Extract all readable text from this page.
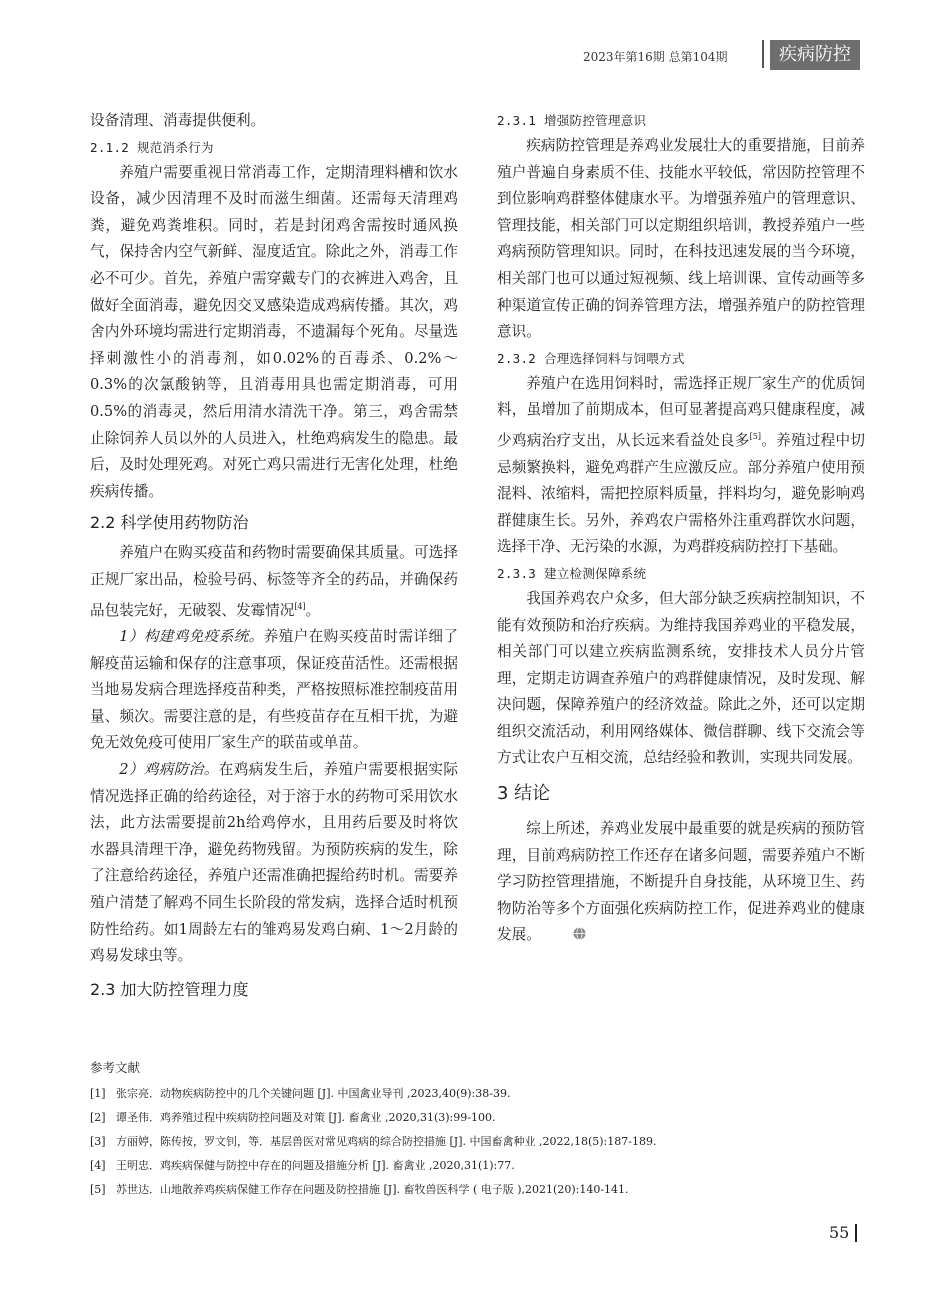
2023年第16期 总第104期	疾病防控

设备清理、消毒提供便利。

2.1.2 规范消杀行为

养殖户需要重视日常消毒工作，定期清理料槽和饮水设备，减少因清理不及时而滋生细菌。还需每天清理鸡粪，避免鸡粪堆积。同时，若是封闭鸡舍需按时通风换气，保持舍内空气新鲜、湿度适宜。除此之外，消毒工作必不可少。首先，养殖户需穿戴专门的衣裤进入鸡舍，且做好全面消毒，避免因交叉感染造成鸡病传播。其次，鸡舍内外环境均需进行定期消毒，不遗漏每个死角。尽量选择刺激性小的消毒剂，如0.02%的百毒杀、0.2%～0.3%的次氯酸钠等，且消毒用具也需定期消毒，可用0.5%的消毒灵，然后用清水清洗干净。第三，鸡舍需禁止除饲养人员以外的人员进入，杜绝鸡病发生的隐患。最后，及时处理死鸡。对死亡鸡只需进行无害化处理，杜绝疾病传播。

2.2 科学使用药物防治

养殖户在购买疫苗和药物时需要确保其质量。可选择正规厂家出品，检验号码、标签等齐全的药品，并确保药品包装完好，无破裂、发霉情况[4]。

1）构建鸡免疫系统。养殖户在购买疫苗时需详细了解疫苗运输和保存的注意事项，保证疫苗活性。还需根据当地易发病合理选择疫苗种类，严格按照标准控制疫苗用量、频次。需要注意的是，有些疫苗存在互相干扰，为避免无效免疫可使用厂家生产的联苗或单苗。

2）鸡病防治。在鸡病发生后，养殖户需要根据实际情况选择正确的给药途径，对于溶于水的药物可采用饮水法，此方法需要提前2h给鸡停水，且用药后要及时将饮水器具清理干净，避免药物残留。为预防疾病的发生，除了注意给药途径，养殖户还需准确把握给药时机。需要养殖户清楚了解鸡不同生长阶段的常发病，选择合适时机预防性给药。如1周龄左右的雏鸡易发鸡白痢、1～2月龄的鸡易发球虫等。

2.3 加大防控管理力度

2.3.1 增强防控管理意识

疾病防控管理是养鸡业发展壮大的重要措施，目前养殖户普遍自身素质不佳、技能水平较低，常因防控管理不到位影响鸡群整体健康水平。为增强养殖户的管理意识、管理技能，相关部门可以定期组织培训，教授养殖户一些鸡病预防管理知识。同时，在科技迅速发展的当今环境，相关部门也可以通过短视频、线上培训课、宣传动画等多种渠道宣传正确的饲养管理方法，增强养殖户的防控管理意识。

2.3.2 合理选择饲料与饲喂方式

养殖户在选用饲料时，需选择正规厂家生产的优质饲料，虽增加了前期成本，但可显著提高鸡只健康程度，减少鸡病治疗支出，从长远来看益处良多[5]。养殖过程中切忌频繁换料，避免鸡群产生应激反应。部分养殖户使用预混料、浓缩料，需把控原料质量，拌料均匀，避免影响鸡群健康生长。另外，养鸡农户需格外注重鸡群饮水问题，选择干净、无污染的水源，为鸡群疫病防控打下基础。

2.3.3 建立检测保障系统

我国养鸡农户众多，但大部分缺乏疾病控制知识，不能有效预防和治疗疾病。为维持我国养鸡业的平稳发展，相关部门可以建立疾病监测系统，安排技术人员分片管理，定期走访调查养殖户的鸡群健康情况，及时发现、解决问题，保障养殖户的经济效益。除此之外，还可以定期组织交流活动，利用网络媒体、微信群聊、线下交流会等方式让农户互相交流，总结经验和教训，实现共同发展。

3 结论

综上所述，养鸡业发展中最重要的就是疾病的预防管理，目前鸡病防控工作还存在诸多问题，需要养殖户不断学习防控管理措施，不断提升自身技能，从环境卫生、药物防治等多个方面强化疾病防控工作，促进养鸡业的健康发展。

参考文献

[1] 张宗亮．动物疾病防控中的几个关键问题 [J]. 中国禽业导刊 ,2023,40(9):38-39.
[2] 谭圣伟．鸡养殖过程中疾病防控问题及对策 [J]. 畜禽业 ,2020,31(3):99-100.
[3] 方丽婷，陈传按，罗文钊，等．基层兽医对常见鸡病的综合防控措施 [J]. 中国畜禽种业 ,2022,18(5):187-189.
[4] 王明忠．鸡疾病保健与防控中存在的问题及措施分析 [J]. 畜禽业 ,2020,31(1):77.
[5] 苏世达．山地散养鸡疾病保健工作存在问题及防控措施 [J]. 畜牧兽医科学 ( 电子版 ),2021(20):140-141.
55
